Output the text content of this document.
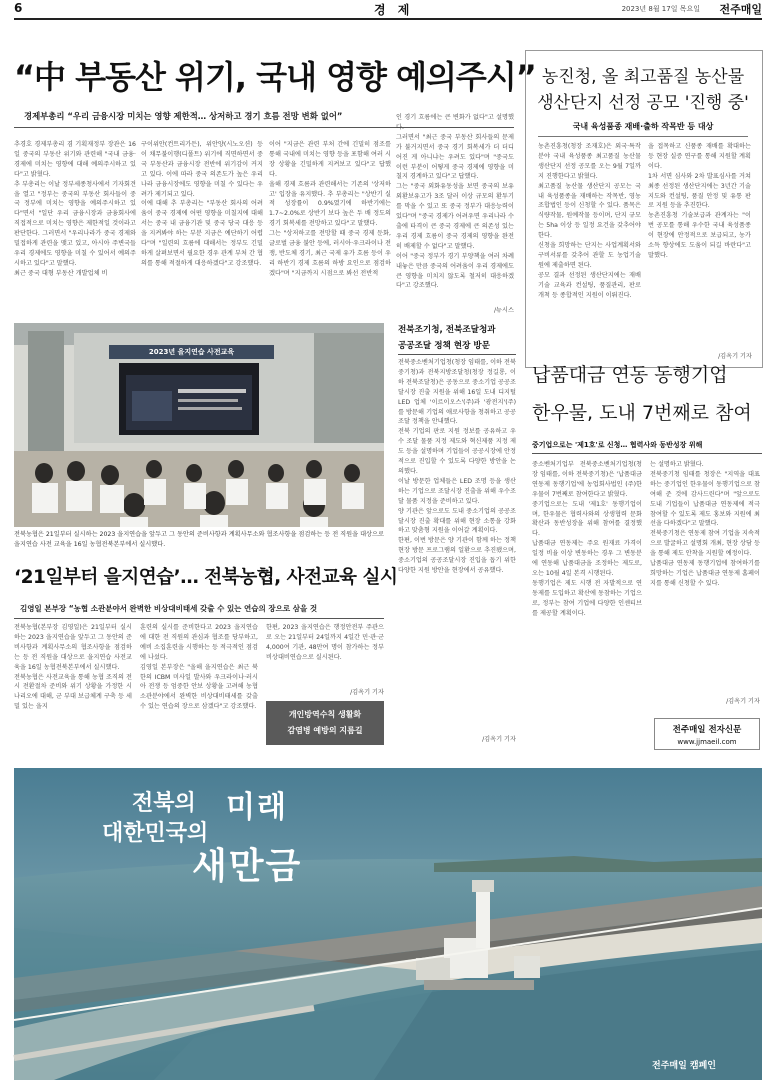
6	경 제	2023년 8월 17일 목요일 전주매일
“中 부동산 위기, 국내 영향 예의주시”
경제부총리 “우리 금융시장 미치는 영향 제한적… 상저하고 경기 흐름 전망 변화 없어”

추경호 경제부총리 겸 기획재정부 장관은 16일 중국의 부동산 위기와 관련해 "국내 금융·경제에 미치는 영향에 대해 예의주시하고 있다"고 밝혔다.
추 부총리는 이날 정부세종청사에서 기자회견을 열고 "정부는 중국의 부동산 회사들이 중국 정부에 미치는 영향을 예의주시하고 있다"면서 "일단 우리 금융시장과 금융회사에 직접적으로 미치는 영향은 제한적일 것이라고 판단한다. 그러면서 "우리나라가 중국 경제와 밀접하게 관련을 맺고 있고, 아시아 주변국들 우리 경제에도 영향을 미칠 수 있어서 예의주시하고 있다"고 말했다.
최근 중국 대형 부동산 개발업체 비

구이위안(컨트리가든), 위안양(시노오션) 등이 채무불이행(디폴트) 위기에 직면하면서 중국 부동산과 금융시장 전반에 위기감이 커지고 있다. 이에 따라 중국 의존도가 높은 우리나라 금융시장에도 영향을 미칠 수 있다는 우려가 제기되고 있다.
이에 대해 추 부총리는 "부동산 회사의 어려움이 중국 경제에 어떤 영향을 미칠지에 대해서는 중국 내 금융기관 및 중국 당국 대응 등을 지켜봐야 하는 부분 지금은 예단하기 어렵다"며 "일련의 흐름에 대해서는 정부도 긴밀하게 살펴보면서 필요한 경우 관계 부처 간 협의를 통해 적절하게 대응하겠다"고 강조했다.

이어 "지금은 관련 부처 간에 긴밀히 점조를 통해 국내에 미치는 영향 등을 포함해 여러 시장 상황을 긴밀하게 지켜보고 있다"고 답했다.
올해 경제 흐름과 관련해서는 기존의 '상저하고' 입장을 유지했다. 추 부총리는 "상반기 실적 성장률이 0.9%였기에 하반기에는 1.7~2.0%로 상반기 보다 높은 두 배 정도의 경기 회복세를 전망하고 있다"고 말했다.
그는 "상저하고를 전망할 때 중국 경제 둔화, 글로벌 금융 불안 등에, 러시아·우크라이나 전쟁, 반도체 경기, 최근 국제 유가 흐름 등이 우리 하반기 경제 흐름의 하방 요인으로 점검하겠다"며 "지금까지 시점으로 봐선 전반적

인 경기 흐름에는 큰 변화가 없다"고 설명했다.
그러면서 "최근 중국 부동산 회사들의 문제가 불거지면서 중국 경기 회복세가 더 더디어진 게 아니냐는 우려도 있다"며 "중국도 이런 부분이 어떻게 중국 경제에 영향을 미칠지 경계하고 있다"고 답했다.
그는 "중국 외화유동성을 보면 중국의 보유 외환보유고가 3조 달러 이상 규모의 환투기를 막을 수 있고 또 중국 정부가 대응능력이 있다"며 "중국 경제가 어려우면 우리나라 수출에 타격이 큰 중국 경제에 큰 의존성 있는 우리 경제 흐름이 중국 경제의 영향을 완전히 배제할 수 없다"고 말했다.
이어 "중국 정부가 경기 부양책을 여러 차례 내놓은 만큼 중국의 어려움이 우리 경제에도 큰 영향을 미치지 않도록 철저히 대응하겠다"고 강조했다.

/뉴시스
농진청, 올 최고품질 농산물
생산단지 선정 공모 '진행 중'
국내 육성품종 재배·출하 작목반 등 대상

농촌진흥청(청장 조재호)은 외국·특작 분야 국내 육성품종 최고품질 농산물 생산단지 선정 공모를 오는 9월 7일까지 진행한다고 밝혔다.
최고품질 농산물 생산단지 공모는 국내 육성품종을 재배하는 작목반, 영농조합법인 등이 신청할 수 있다. 품목은 식량작물, 원예작물 등이며, 단지 규모는 5ha 이상 등 일정 요건을 갖추어야 한다.
신청을 희망하는 단지는 사업계획서와 구비서류를 갖추어 관할 도 농업기술원에 제출하면 된다.
공모 결과 선정된 생산단지에는 재배기술 교육과 컨설팅, 품질관리, 판로 개척 등 종합적인 지원이 이뤄진다.

을 접목하고 신품종 재배를 확대하는 등 현장 실증 연구를 통해 지원할 계획이다.
1차 서면 심사와 2차 발표심사를 거쳐 최종 선정된 생산단지에는 3년간 기술지도와 컨설팅, 품질 안정 및 유통 판로 지원 등을 추진한다.
농촌진흥청 기술보급과 관계자는 "이번 공모를 통해 우수한 국내 육성품종이 현장에 안정적으로 보급되고, 농가 소득 향상에도 도움이 되길 바란다"고 말했다.

/김옥기 기자
2023년 을지연습 사전교육

전북농협은 21일부터 실시하는 2023 을지연습을 앞두고 그 동안의 준비사항과 계획사무소와 협조사항을 점검하는 등 전 직원을 대상으로 을지연습 사전 교육을 16일 농협전북본부에서 실시했다.

‘21일부터 을지연습’… 전북농협, 사전교육 실시
김영일 본부장 “농협 소관분야서 완벽한 비상대비태세 갖출 수 있는 연습의 장으로 삼을 것

전북농협(본부장 김영일)은 21일부터 실시하는 2023 을지연습을 앞두고 그 동안의 준비사항과 계획사무소의 협조사항을 점검하는 등 전 직원을 대상으로 을지연습 사전교육을 16일 농협전북본부에서 실시했다.
전북농협은 사전교육을 통해 농협 조직의 전시 전환절차 준비와 위기 상황을 가정한 시나리오에 대해, 군 부대 보급체계 구축 등 세밀 있는 을지

훈련의 실시를 준비한다고 2023 을지연습에 대한 전 직원의 관심과 협조를 당부하고, 예비 소집훈련을 시행하는 등 적극적인 점검에 나섰다.
김영일 본부장은 "올해 을지연습은 최근 북한의 ICBM 미사일 발사와 우크라이나·러시아 전쟁 등 엄중한 안보 상황을 고려해 농협 소관분야에서 완벽한 비상대비태세를 갖출 수 있는 연습의 장으로 삼겠다"고 강조했다.

한편, 2023 을지연습은 행정안전부 주관으로 오는 21일부터 24일까지 4일간 민·관·군 4,000여 기관, 48만여 명이 참가하는 정부 비상대비연습으로 실시된다.

/김옥기 기자
개인방역수칙 생활화
감염병 예방의 지름길
전북조기청, 전북조달청과
공공조달 정책 현장 방문

전북중소벤처기업청(청장 임태를, 이하 전북중기청)과 전북지방조달청(청장 정길룡, 이하 전북조달청)은 공동으로 중소기업 공공조달시장 진출 지원을 위해 16일 도내 디지털 LED 업체 '이르이오스'(주)과 '광전지'(주)를 방문해 기업의 애로사항을 청취하고 공공조달 정책을 안내했다.
전북 기업의 판로 지원 정보를 공유하고 우수 조달 물품 지정 제도와 혁신제품 지정 제도 등을 설명하며 기업들이 공공시장에 안정적으로 진입할 수 있도록 다양한 방안을 논의했다.
이날 방문한 업체들은 LED 조명 등을 생산하는 기업으로 조달시장 진출을 위해 우수조달 물품 지정을 준비하고 있다.
양 기관은 앞으로도 도내 중소기업의 공공조달시장 진출 확대를 위해 현장 소통을 강화하고 맞춤형 지원을 이어갈 계획이다.
한편, 이번 방문은 양 기관이 함께 하는 정책 현장 방문 프로그램의 일환으로 추진됐으며, 중소기업의 공공조달시장 진입을 돕기 위한 다양한 지원 방안을 현장에서 공유했다.

/김옥기 기자
납품대금 연동 동행기업
한우물, 도내 7번째로 참여
중기업으로는 '제1호'로 신청… 협력사와 동반성장 위해

중소벤처기업부 전북중소벤처기업청(청장 임태를, 이하 전북중기청)은 '납품대금 연동제 동행기업'에 농업회사법인 (주)한우물이 7번째로 참여한다고 밝혔다.
중기업으로는 도내 '제1호' 동행기업이며, 한우물은 협력사와의 상생협력 문화 확산과 동반성장을 위해 참여를 결정했다.
납품대금 연동제는 주요 원재료 가격이 일정 비율 이상 변동하는 경우 그 변동분에 연동해 납품대금을 조정하는 제도로, 오는 10월 4일 본격 시행된다.
동행기업은 제도 시행 전 자발적으로 연동제를 도입하고 확산에 동참하는 기업으로, 정부는 참여 기업에 다양한 인센티브를 제공할 계획이다.

는 설명하고 밝혔다.
전북중기청 임태를 청장은 "지역을 대표하는 중기업인 한우물이 동행기업으로 참여해 준 것에 감사드린다"며 "앞으로도 도내 기업들이 납품대금 연동제에 적극 참여할 수 있도록 제도 홍보와 지원에 최선을 다하겠다"고 말했다.
전북중기청은 연동제 참여 기업을 지속적으로 발굴하고 설명회 개최, 현장 상담 등을 통해 제도 안착을 지원할 예정이다.
납품대금 연동제 동행기업에 참여하기를 희망하는 기업은 납품대금 연동제 홈페이지를 통해 신청할 수 있다.

/김옥기 기자
전주매일 전자신문
www.jjmaeil.com
전북의
대한민국의
미래
새만금
전주매일 캠페인
